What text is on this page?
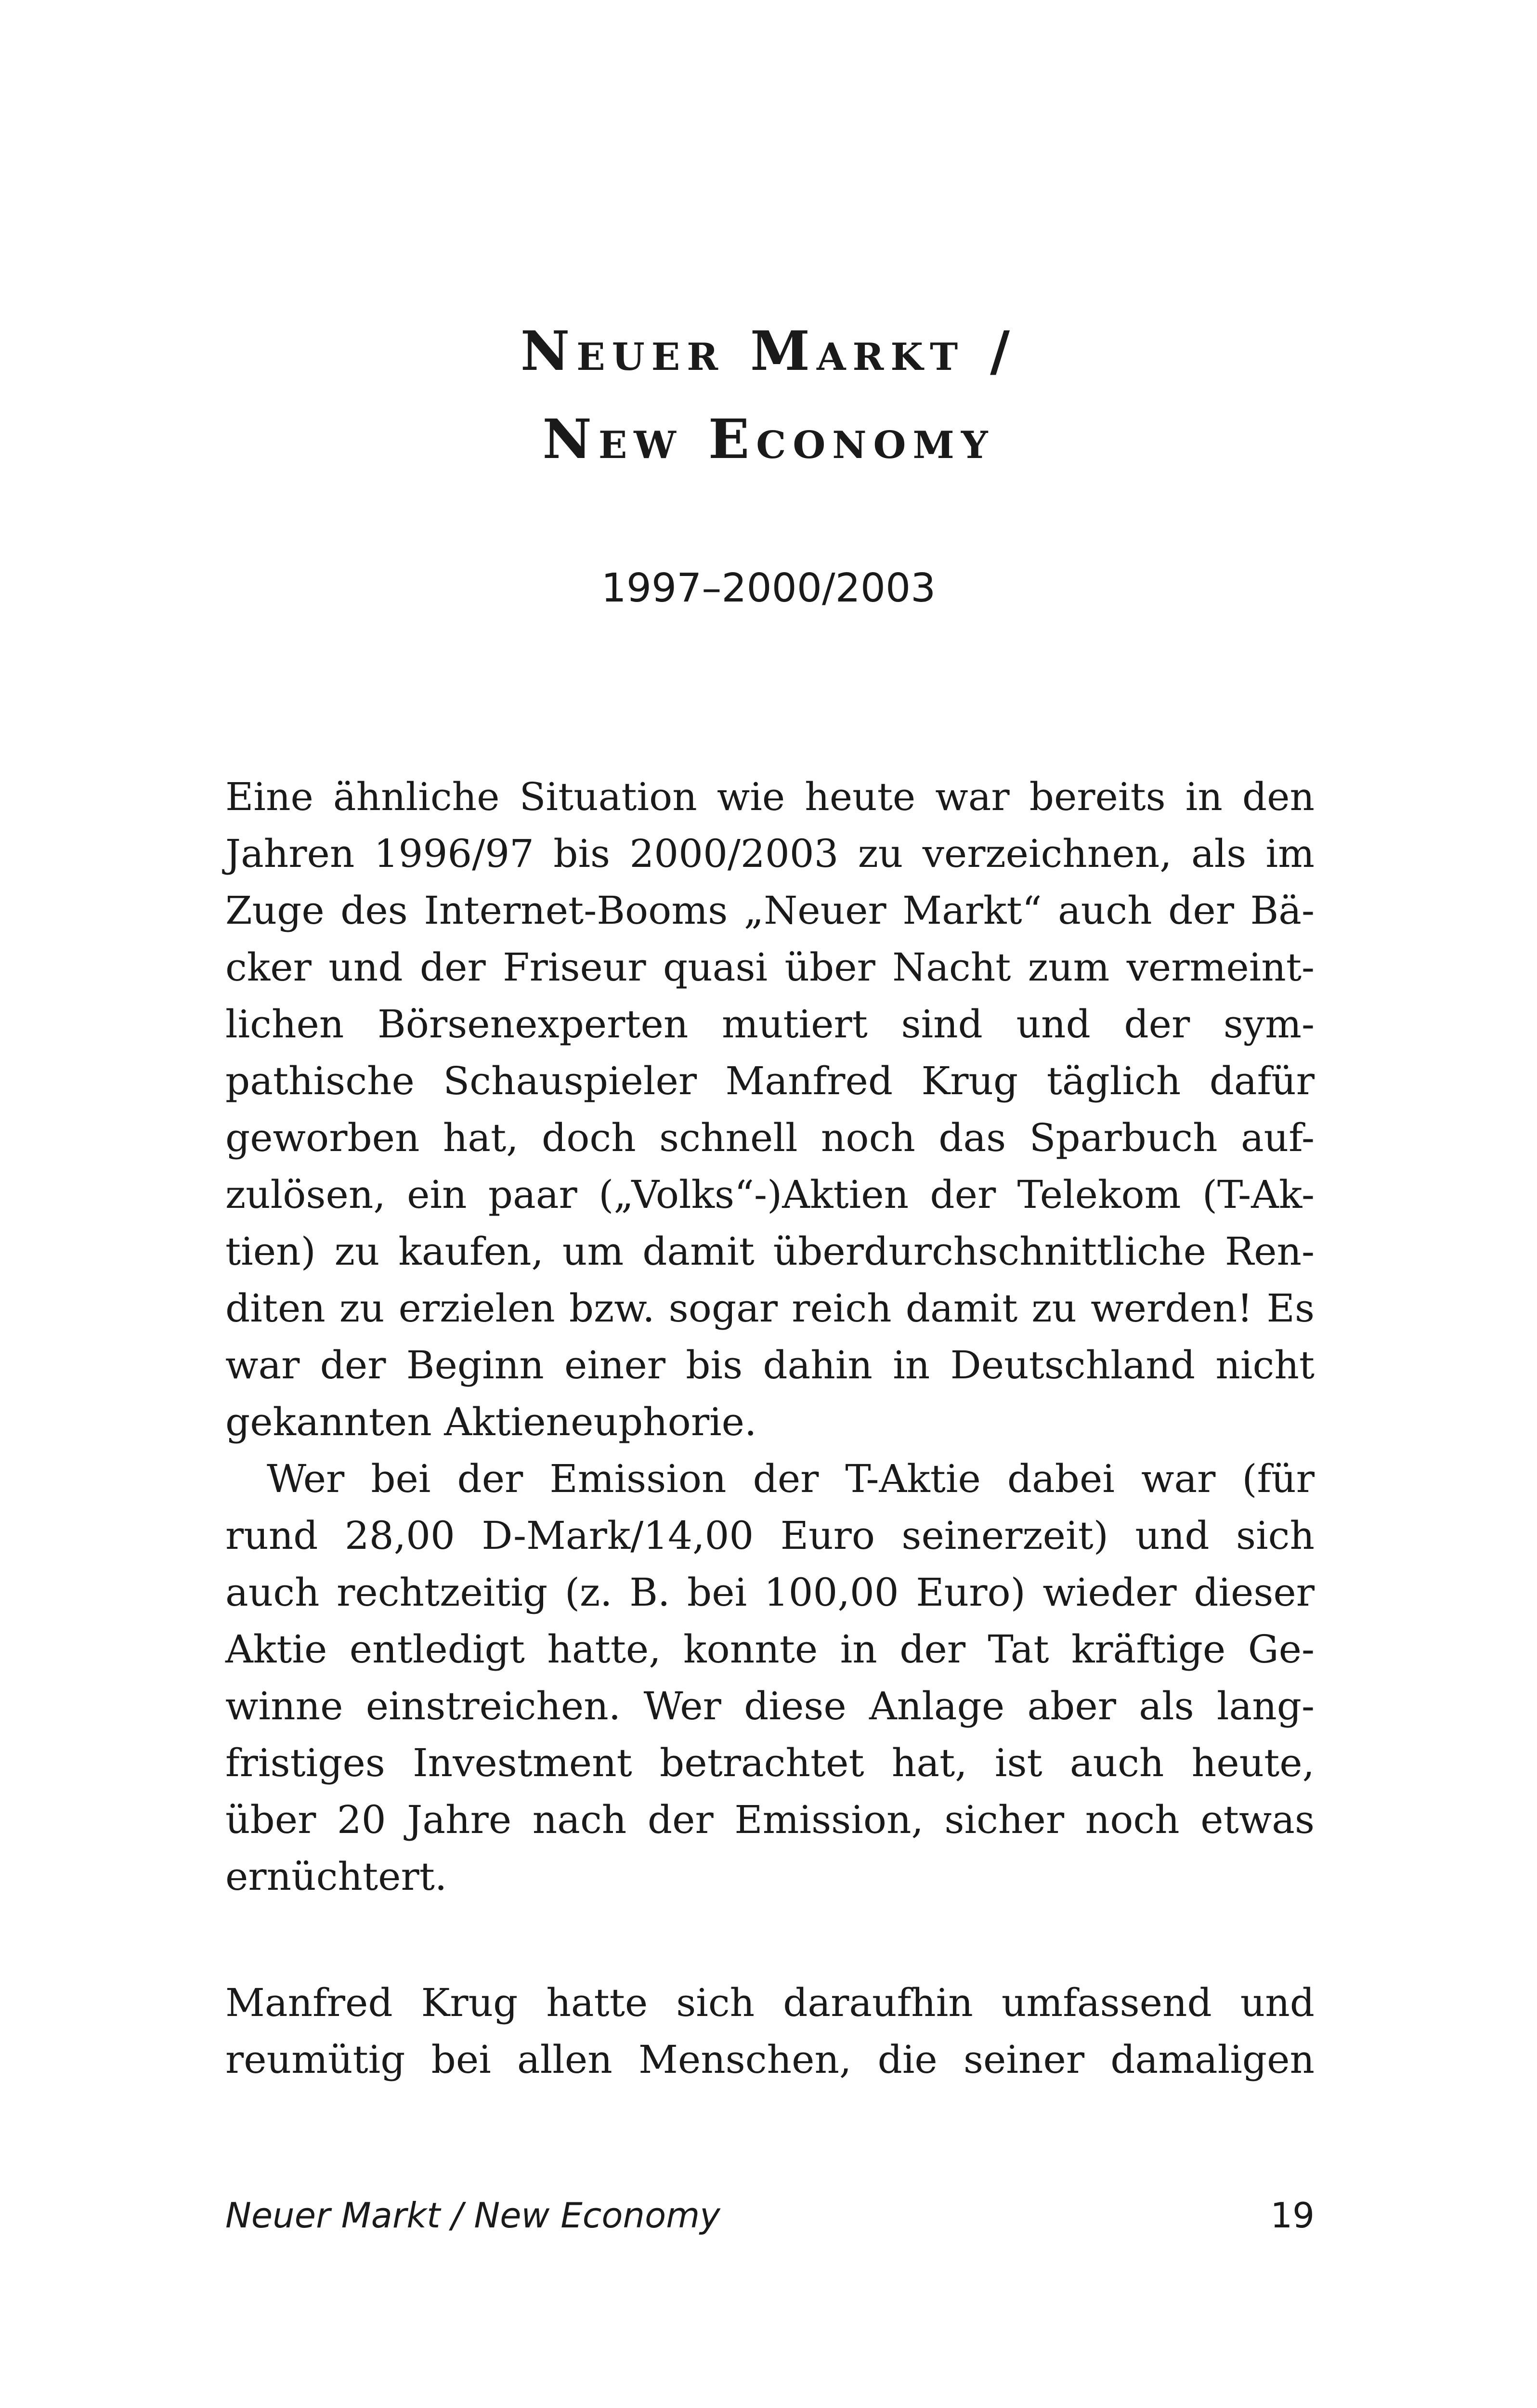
Neuer Markt /
New Economy
1997–2000/2003
Eine ähnliche Situation wie heute war bereits in den
Jahren 1996/97 bis 2000/2003 zu verzeichnen, als im
Zuge des Internet-Booms „Neuer Markt“ auch der Bä-
cker und der Friseur quasi über Nacht zum vermeint-
lichen Börsenexperten mutiert sind und der sym-
pathische Schauspieler Manfred Krug täglich dafür
geworben hat, doch schnell noch das Sparbuch auf-
zulösen, ein paar („Volks“-)Aktien der Telekom (T-Ak-
tien) zu kaufen, um damit überdurchschnittliche Ren-
diten zu erzielen bzw. sogar reich damit zu werden! Es
war der Beginn einer bis dahin in Deutschland nicht
gekannten Aktieneuphorie.
Wer bei der Emission der T-Aktie dabei war (für
rund 28,00 D-Mark/14,00 Euro seinerzeit) und sich
auch rechtzeitig (z. B. bei 100,00 Euro) wieder dieser
Aktie entledigt hatte, konnte in der Tat kräftige Ge-
winne einstreichen. Wer diese Anlage aber als lang-
fristiges Investment betrachtet hat, ist auch heute,
über 20 Jahre nach der Emission, sicher noch etwas
ernüchtert.
Manfred Krug hatte sich daraufhin umfassend und
reumütig bei allen Menschen, die seiner damaligen
Neuer Markt / New Economy	19
